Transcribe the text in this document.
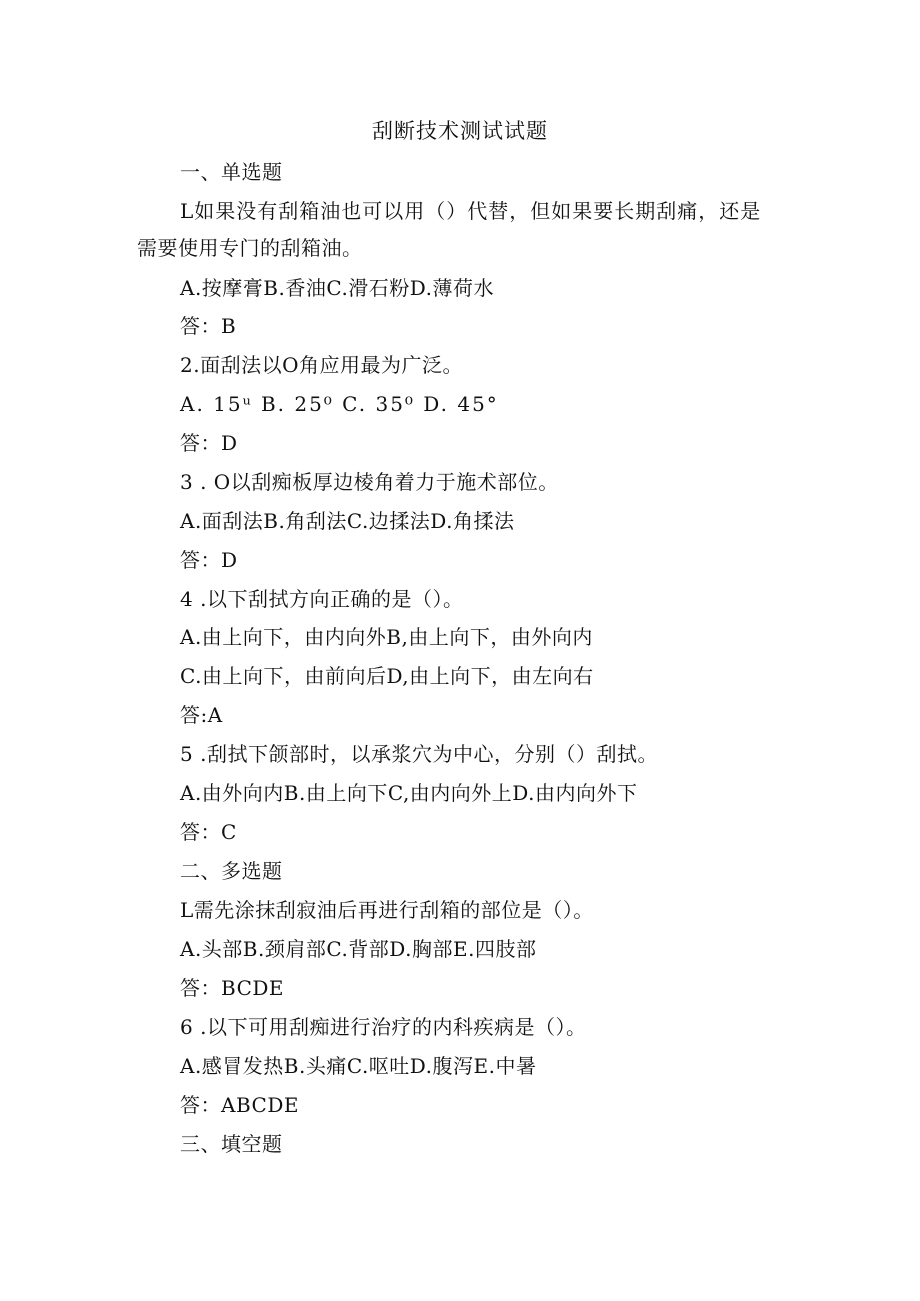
刮断技术测试试题
一、单选题
L如果没有刮箱油也可以用（）代替，但如果要长期刮痛，还是
需要使用专门的刮箱油。
A.按摩膏B.香油C.滑石粉D.薄荷水
答：B
2.面刮法以O角应用最为广泛。
A. 15ᵘ B. 25⁰ C. 35⁰ D. 45°
答：D
3 . O以刮痴板厚边棱角着力于施术部位。
A.面刮法B.角刮法C.边揉法D.角揉法
答：D
4 .以下刮拭方向正确的是（）。
A.由上向下，由内向外B,由上向下，由外向内
C.由上向下，由前向后D,由上向下，由左向右
答:A
5 .刮拭下颌部时，以承浆穴为中心，分别（）刮拭。
A.由外向内B.由上向下C,由内向外上D.由内向外下
答：C
二、多选题
L需先涂抹刮寂油后再进行刮箱的部位是（）。
A.头部B.颈肩部C.背部D.胸部E.四肢部
答：BCDE
6 .以下可用刮痴进行治疗的内科疾病是（）。
A.感冒发热B.头痛C.呕吐D.腹泻E.中暑
答：ABCDE
三、填空题
